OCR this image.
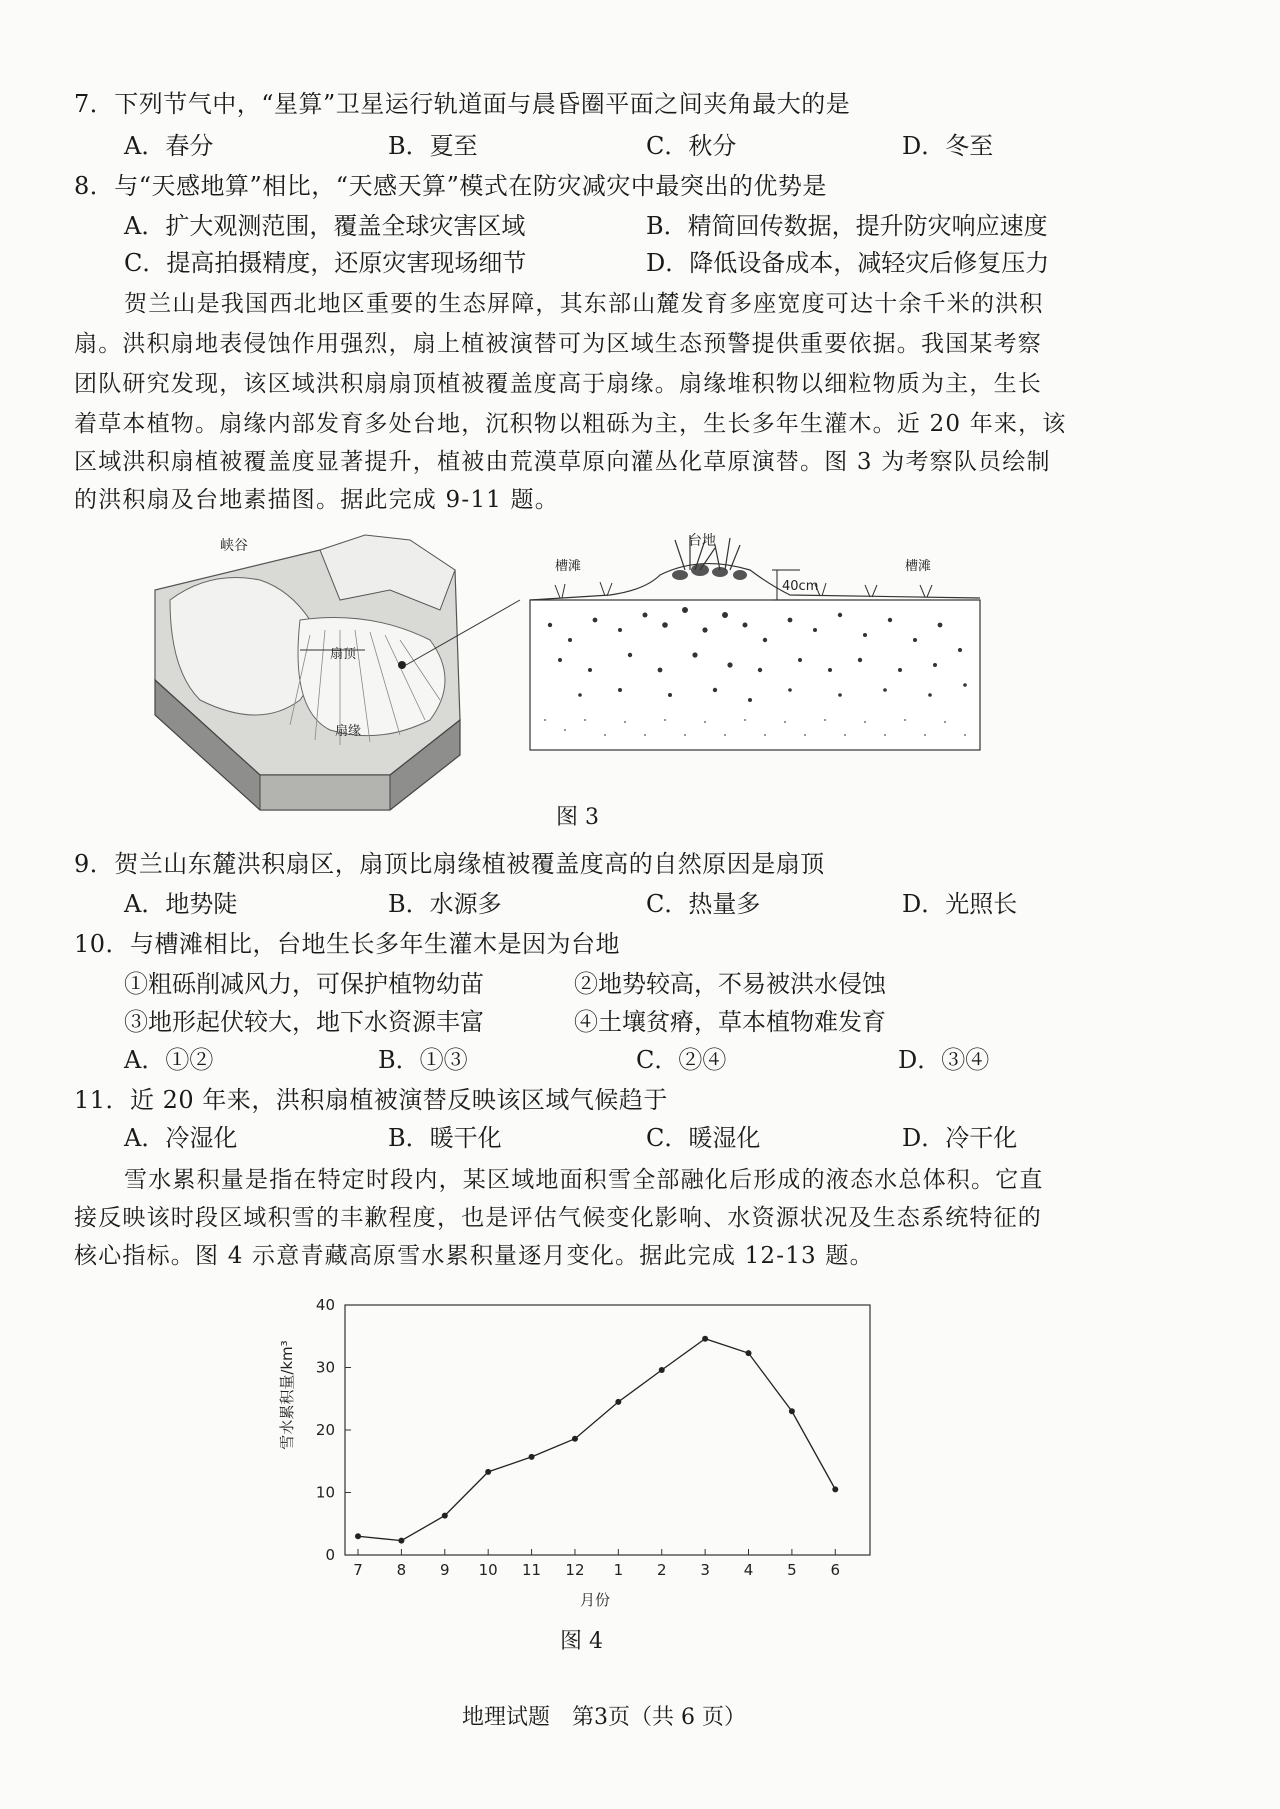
7．下列节气中，“星算”卫星运行轨道面与晨昏圈平面之间夹角最大的是
A．春分	B．夏至	C．秋分	D．冬至
8．与“天感地算”相比，“天感天算”模式在防灾减灾中最突出的优势是
A．扩大观测范围，覆盖全球灾害区域	B．精简回传数据，提升防灾响应速度
C．提高拍摄精度，还原灾害现场细节	D．降低设备成本，减轻灾后修复压力
贺兰山是我国西北地区重要的生态屏障，其东部山麓发育多座宽度可达十余千米的洪积
扇。洪积扇地表侵蚀作用强烈，扇上植被演替可为区域生态预警提供重要依据。我国某考察
团队研究发现，该区域洪积扇扇顶植被覆盖度高于扇缘。扇缘堆积物以细粒物质为主，生长
着草本植物。扇缘内部发育多处台地，沉积物以粗砾为主，生长多年生灌木。近 20 年来，该
区域洪积扇植被覆盖度显著提升，植被由荒漠草原向灌丛化草原演替。图 3 为考察队员绘制
的洪积扇及台地素描图。据此完成 9-11 题。
峡谷
扇顶
扇缘
40cm
台地
槽滩	槽滩
图 3
9．贺兰山东麓洪积扇区，扇顶比扇缘植被覆盖度高的自然原因是扇顶
A．地势陡	B．水源多	C．热量多	D．光照长
10．与槽滩相比，台地生长多年生灌木是因为台地
①粗砾削减风力，可保护植物幼苗	②地势较高，不易被洪水侵蚀
③地形起伏较大，地下水资源丰富	④土壤贫瘠，草本植物难发育
A．①②	B．①③	C．②④	D．③④
11．近 20 年来，洪积扇植被演替反映该区域气候趋于
A．冷湿化	B．暖干化	C．暖湿化	D．冷干化
雪水累积量是指在特定时段内，某区域地面积雪全部融化后形成的液态水总体积。它直
接反映该时段区域积雪的丰歉程度，也是评估气候变化影响、水资源状况及生态系统特征的
核心指标。图 4 示意青藏高原雪水累积量逐月变化。据此完成 12-13 题。
雪水累积量/km³
月份
0
10
20
30
40
7 8 9 10 11 12 1 2 3 4 5 6
图 4
地理试题　第3页（共 6 页）
